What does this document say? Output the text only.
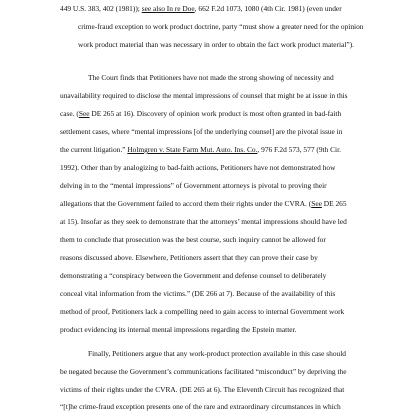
449 U.S. 383, 402 (1981)); see also In re Doe, 662 F.2d 1073, 1080 (4th Cir. 1981) (even under
crime-fraud exception to work product doctrine, party “must show a greater need for the opinion
work product material than was necessary in order to obtain the fact work product material”).
The Court finds that Petitioners have not made the strong showing of necessity and
unavailability required to disclose the mental impressions of counsel that might be at issue in this
case. (See DE 265 at 16). Discovery of opinion work product is most often granted in bad-faith
settlement cases, where “mental impressions [of the underlying counsel] are the pivotal issue in
the current litigation.” Holmgren v. State Farm Mut. Auto. Ins. Co., 976 F.2d 573, 577 (9th Cir.
1992). Other than by analogizing to bad-faith actions, Petitioners have not demonstrated how
delving in to the “mental impressions” of Government attorneys is pivotal to proving their
allegations that the Government failed to accord them their rights under the CVRA. (See DE 265
at 15). Insofar as they seek to demonstrate that the attorneys’ mental impressions should have led
them to conclude that prosecution was the best course, such inquiry cannot be allowed for
reasons discussed above. Elsewhere, Petitioners assert that they can prove their case by
demonstrating a “conspiracy between the Government and defense counsel to deliberately
conceal vital information from the victims.” (DE 266 at 7). Because of the availability of this
method of proof, Petitioners lack a compelling need to gain access to internal Government work
product evidencing its internal mental impressions regarding the Epstein matter.
Finally, Petitioners argue that any work-product protection available in this case should
be negated because the Government’s communications facilitated “misconduct” by depriving the
victims of their rights under the CVRA. (DE 265 at 6). The Eleventh Circuit has recognized that
“[t]he crime-fraud exception presents one of the rare and extraordinary circumstances in which
